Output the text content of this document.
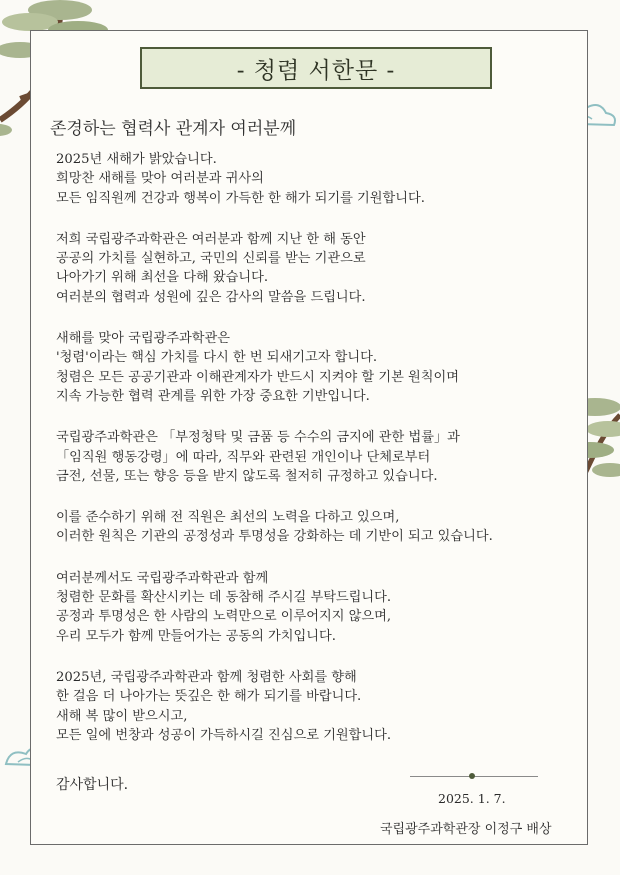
- 청렴 서한문 -
존경하는 협력사 관계자 여러분께
2025년 새해가 밝았습니다.
희망찬 새해를 맞아 여러분과 귀사의
모든 임직원께 건강과 행복이 가득한 한 해가 되기를 기원합니다.
저희 국립광주과학관은 여러분과 함께 지난 한 해 동안
공공의 가치를 실현하고, 국민의 신뢰를 받는 기관으로
나아가기 위해 최선을 다해 왔습니다.
여러분의 협력과 성원에 깊은 감사의 말씀을 드립니다.
새해를 맞아 국립광주과학관은
'청렴'이라는 핵심 가치를 다시 한 번 되새기고자 합니다.
청렴은 모든 공공기관과 이해관계자가 반드시 지켜야 할 기본 원칙이며
지속 가능한 협력 관계를 위한 가장 중요한 기반입니다.
국립광주과학관은 「부정청탁 및 금품 등 수수의 금지에 관한 법률」과
「임직원 행동강령」에 따라, 직무와 관련된 개인이나 단체로부터
금전, 선물, 또는 향응 등을 받지 않도록 철저히 규정하고 있습니다.
이를 준수하기 위해 전 직원은 최선의 노력을 다하고 있으며,
이러한 원칙은 기관의 공정성과 투명성을 강화하는 데 기반이 되고 있습니다.
여러분께서도 국립광주과학관과 함께
청렴한 문화를 확산시키는 데 동참해 주시길 부탁드립니다.
공정과 투명성은 한 사람의 노력만으로 이루어지지 않으며,
우리 모두가 함께 만들어가는 공동의 가치입니다.
2025년, 국립광주과학관과 함께 청렴한 사회를 향해
한 걸음 더 나아가는 뜻깊은 한 해가 되기를 바랍니다.
새해 복 많이 받으시고,
모든 일에 번창과 성공이 가득하시길 진심으로 기원합니다.
감사합니다.
2025. 1. 7.
국립광주과학관장 이정구 배상
